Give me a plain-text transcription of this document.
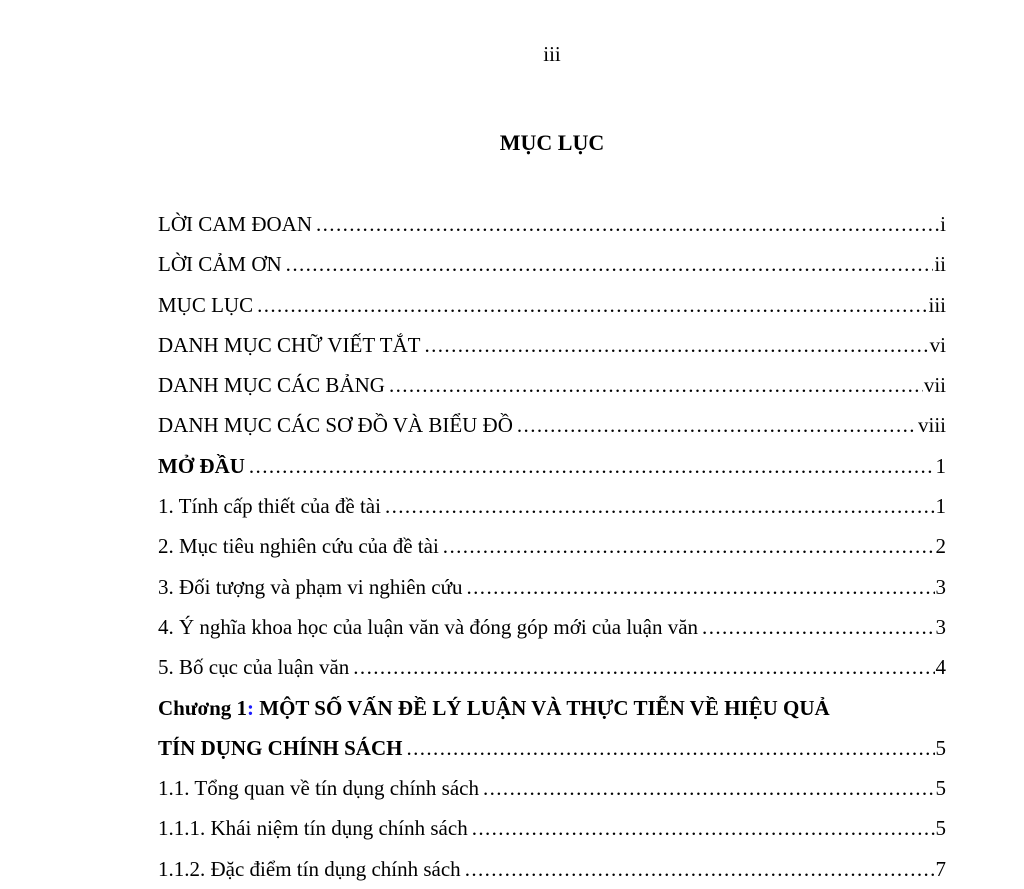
iii
MỤC LỤC
LỜI CAM ĐOAN .....	i
LỜI CẢM ƠN .....	ii
MỤC LỤC .....	iii
DANH MỤC CHỮ VIẾT TẮT .....	vi
DANH MỤC CÁC BẢNG .....	vii
DANH MỤC CÁC SƠ ĐỒ VÀ BIỂU ĐỒ .....	viii
MỞ ĐẦU .....	1
1. Tính cấp thiết của đề tài .....	1
2. Mục tiêu nghiên cứu của đề tài .....	2
3. Đối tượng và phạm vi nghiên cứu .....	3
4. Ý nghĩa khoa học của luận văn và đóng góp mới của luận văn .....	3
5. Bố cục của luận văn .....	4
Chương 1: MỘT SỐ VẤN ĐỀ LÝ LUẬN VÀ THỰC TIỄN VỀ HIỆU QUẢ
TÍN DỤNG CHÍNH SÁCH .....	5
1.1. Tổng quan về tín dụng chính sách .....	5
1.1.1. Khái niệm tín dụng chính sách .....	5
1.1.2. Đặc điểm tín dụng chính sách .....	7
